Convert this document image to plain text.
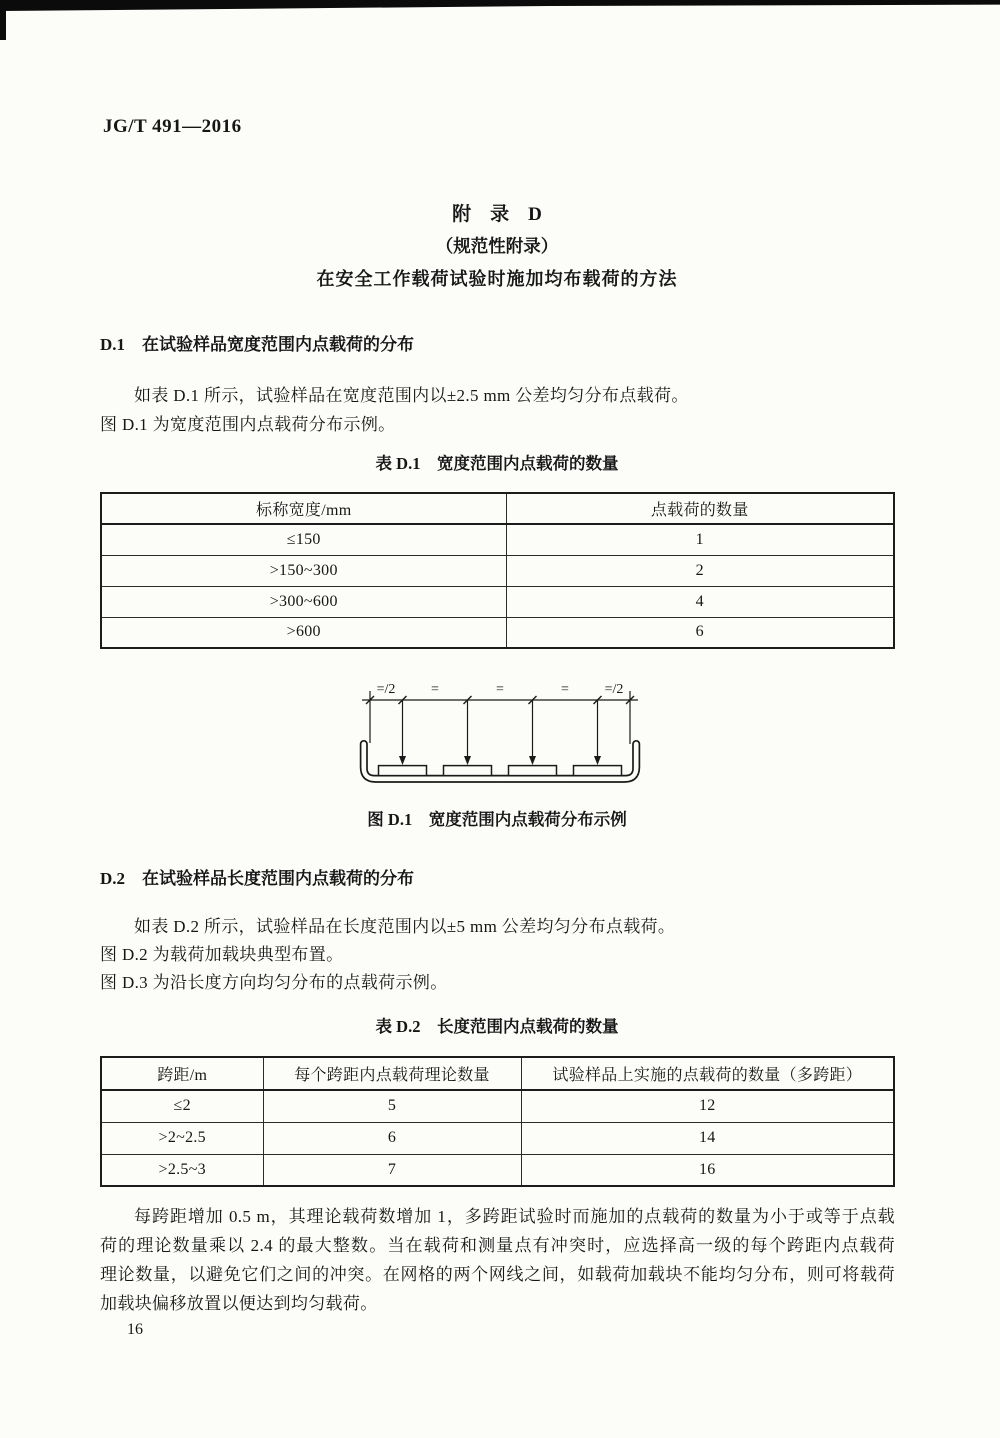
JG/T 491—2016
附　录　D
（规范性附录）
在安全工作载荷试验时施加均布载荷的方法
D.1　在试验样品宽度范围内点载荷的分布
如表 D.1 所示，试验样品在宽度范围内以±2.5 mm 公差均匀分布点载荷。
图 D.1 为宽度范围内点载荷分布示例。
表 D.1　宽度范围内点载荷的数量
标称宽度/mm	点载荷的数量
≤150	1
>150~300	2
>300~600	4
>600	6
=/2	=	=	=	=/2
图 D.1　宽度范围内点载荷分布示例
D.2　在试验样品长度范围内点载荷的分布
如表 D.2 所示，试验样品在长度范围内以±5 mm 公差均匀分布点载荷。
图 D.2 为载荷加载块典型布置。
图 D.3 为沿长度方向均匀分布的点载荷示例。
表 D.2　长度范围内点载荷的数量
跨距/m	每个跨距内点载荷理论数量	试验样品上实施的点载荷的数量（多跨距）
≤2	5	12
>2~2.5	6	14
>2.5~3	7	16
每跨距增加 0.5 m，其理论载荷数增加 1，多跨距试验时而施加的点载荷的数量为小于或等于点载
荷的理论数量乘以 2.4 的最大整数。当在载荷和测量点有冲突时，应选择高一级的每个跨距内点载荷
理论数量，以避免它们之间的冲突。在网格的两个网线之间，如载荷加载块不能均匀分布，则可将载荷
加载块偏移放置以便达到均匀载荷。
16
